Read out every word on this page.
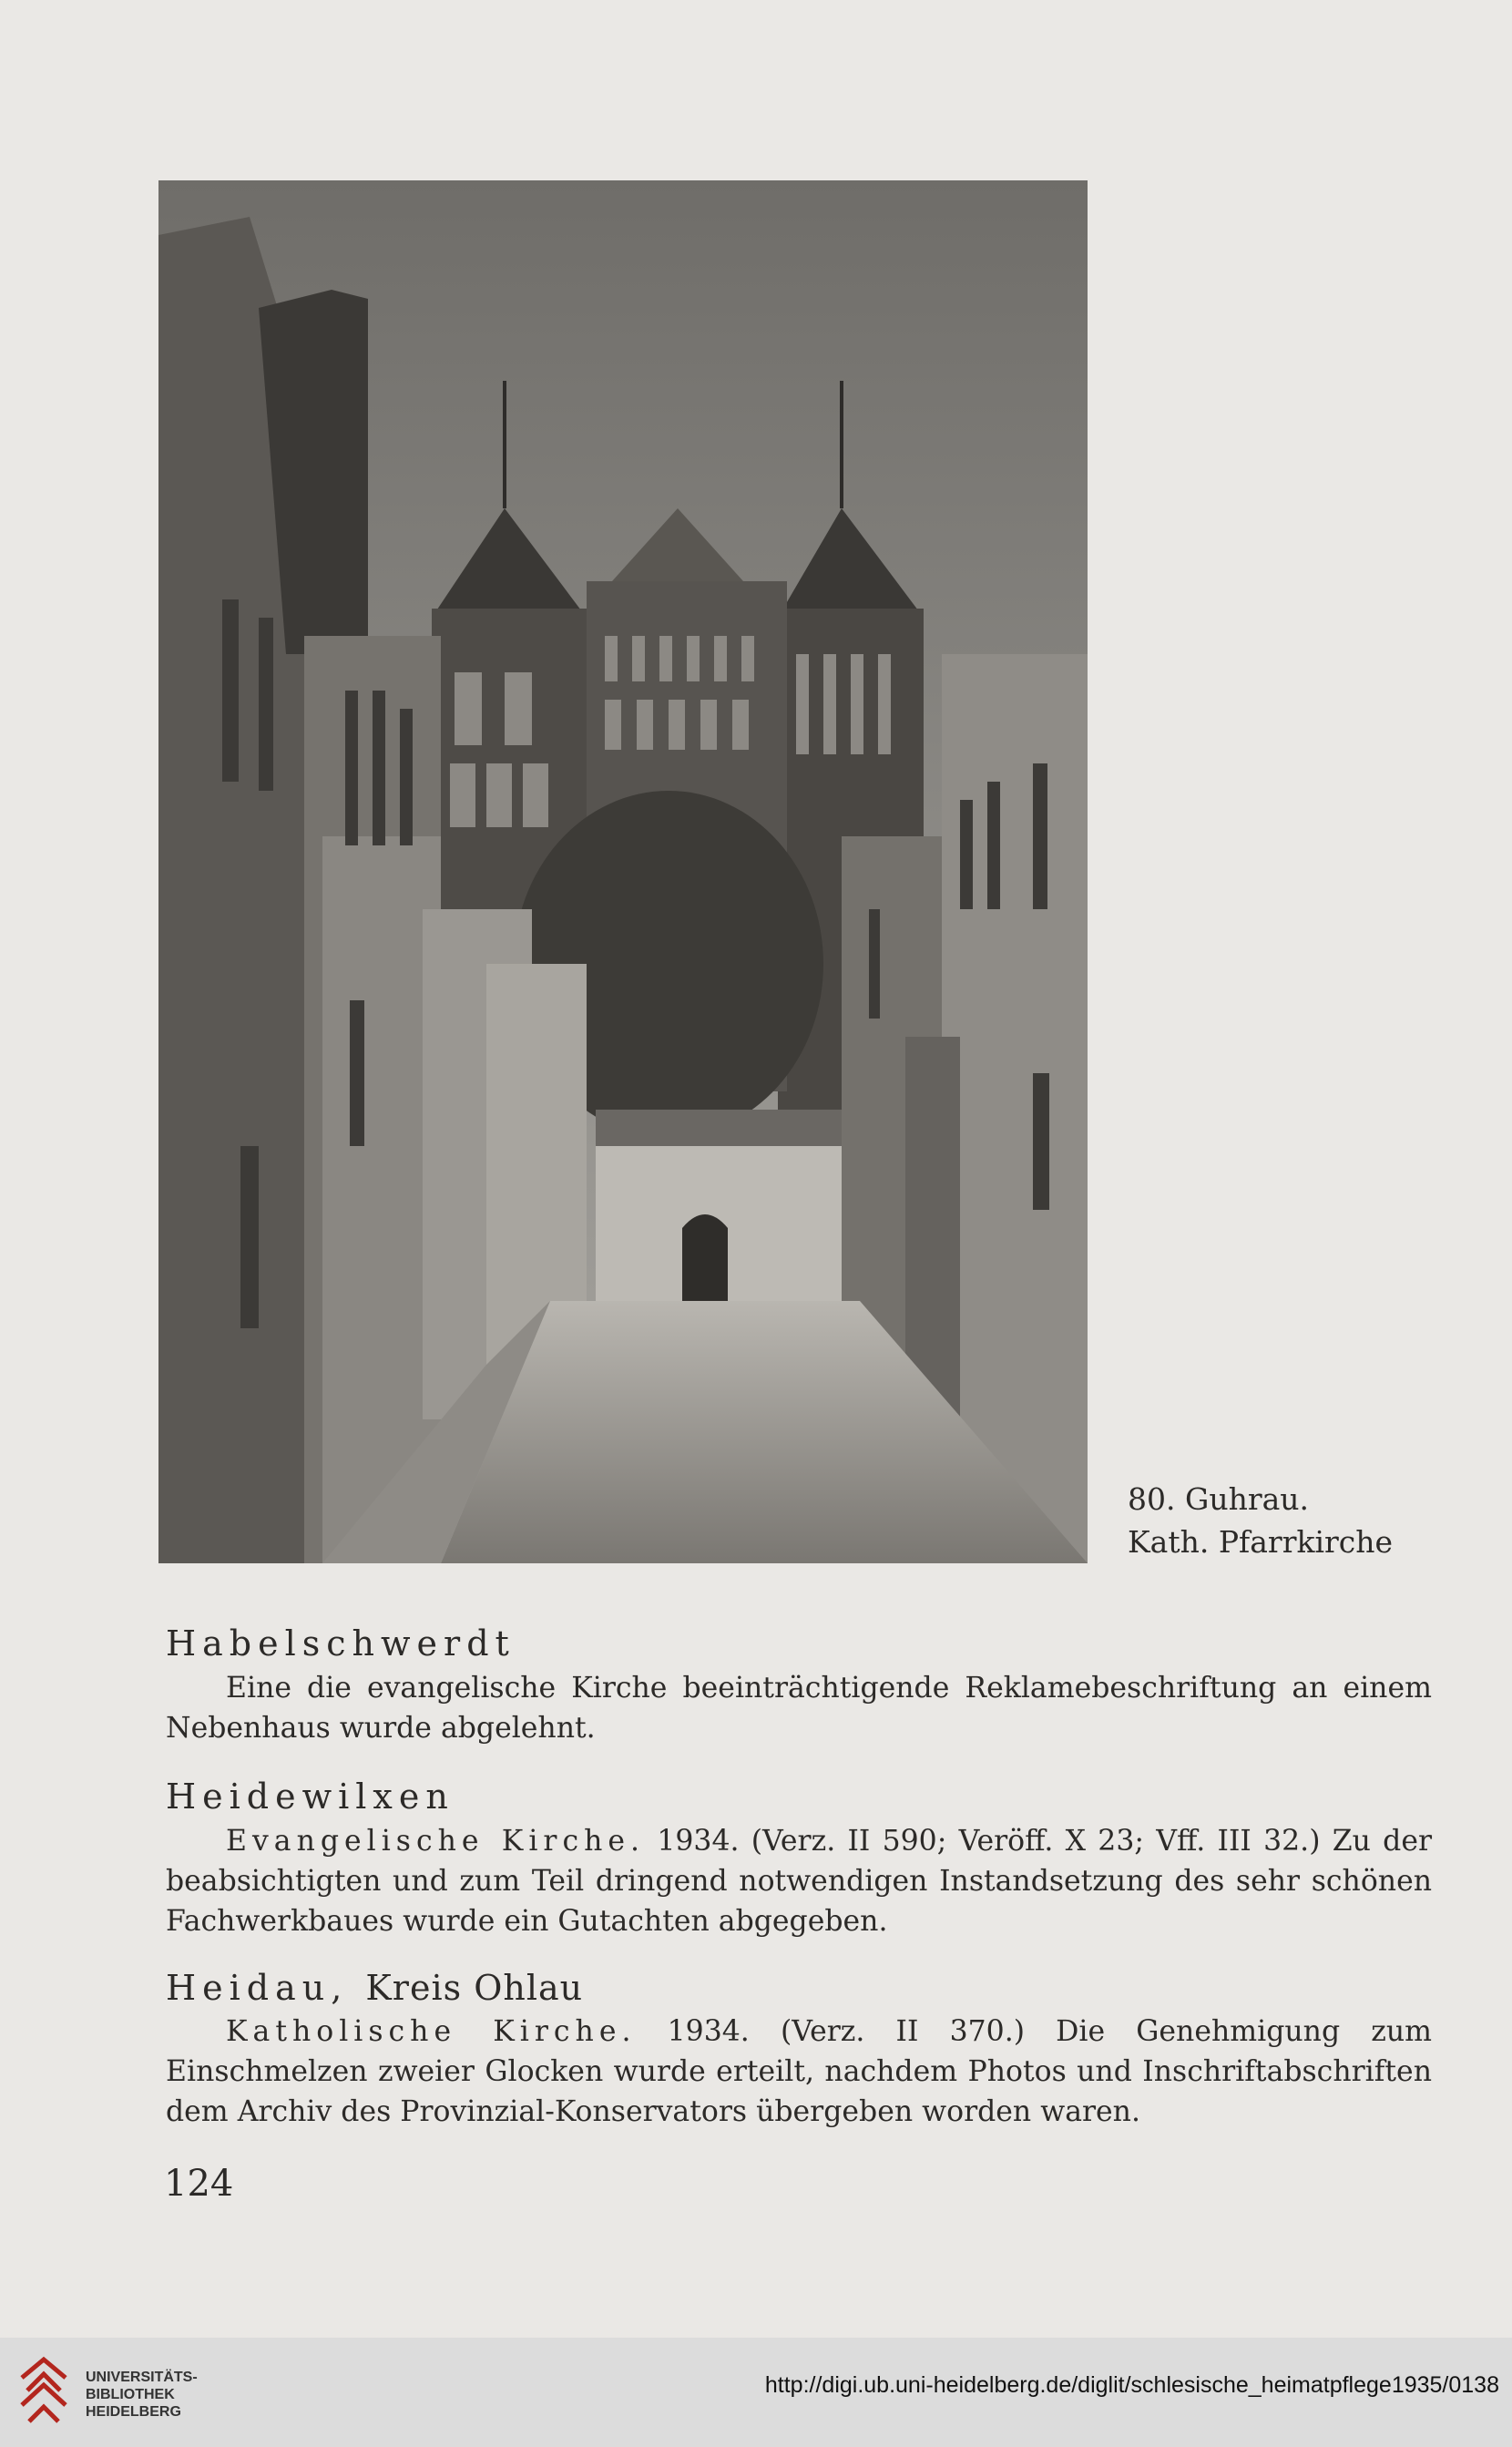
80. Guhrau.
Kath. Pfarrkirche
Habelschwerdt
Eine die evangelische Kirche beeinträchtigende Reklamebeschriftung an einem Nebenhaus wurde abgelehnt.
Heidewilxen
Evangelische Kirche. 1934. (Verz. II 590; Veröff. X 23; Vff. III 32.) Zu der beabsichtigten und zum Teil dringend notwendigen Instandsetzung des sehr schönen Fachwerkbaues wurde ein Gutachten abgegeben.
Heidau, Kreis Ohlau
Katholische Kirche. 1934. (Verz. II 370.) Die Genehmigung zum Einschmelzen zweier Glocken wurde erteilt, nachdem Photos und Inschriftabschriften dem Archiv des Provinzial-Konservators übergeben worden waren.
124
UNIVERSITÄTS-
BIBLIOTHEK
HEIDELBERG
http://digi.ub.uni-heidelberg.de/diglit/schlesische_heimatpflege1935/0138
